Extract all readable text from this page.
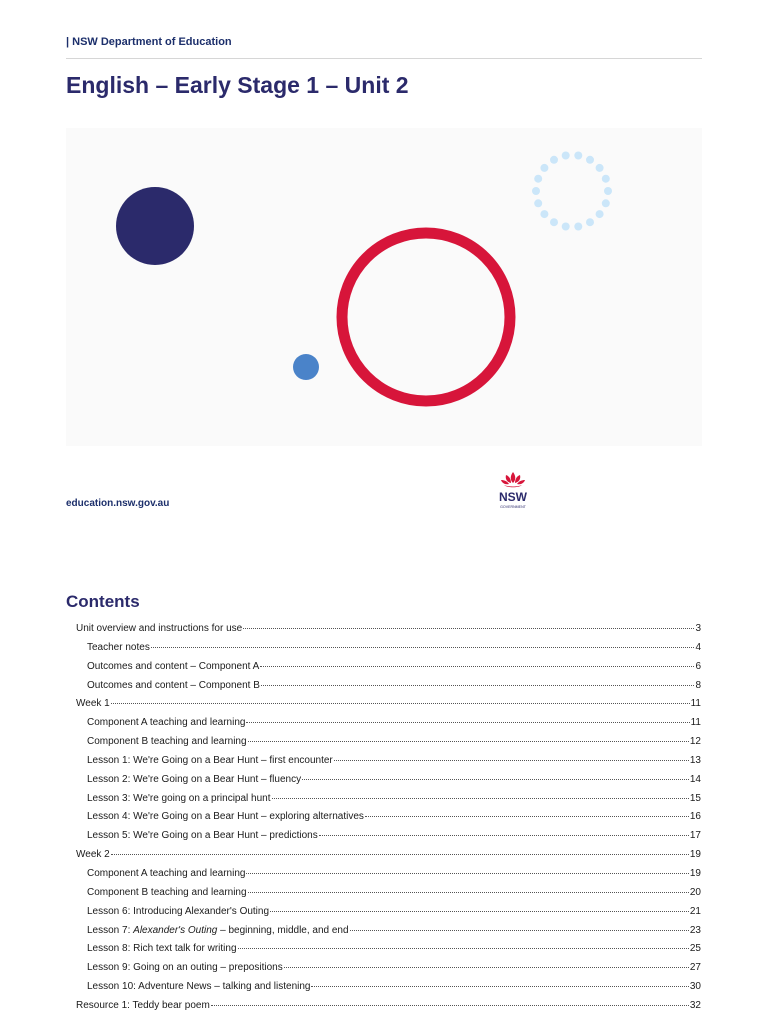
| NSW Department of Education
English – Early Stage 1 – Unit 2
education.nsw.gov.au	NSW
GOVERNMENT
Contents
Unit overview and instructions for use	3
Teacher notes	4
Outcomes and content – Component A	6
Outcomes and content – Component B	8
Week 1	11
Component A teaching and learning	11
Component B teaching and learning	12
Lesson 1: We're Going on a Bear Hunt – first encounter	13
Lesson 2: We're Going on a Bear Hunt – fluency	14
Lesson 3: We're going on a principal hunt	15
Lesson 4: We're Going on a Bear Hunt – exploring alternatives	16
Lesson 5: We're Going on a Bear Hunt – predictions	17
Week 2	19
Component A teaching and learning	19
Component B teaching and learning	20
Lesson 6: Introducing Alexander's Outing	21
Lesson 7: Alexander's Outing – beginning, middle, and end	23
Lesson 8: Rich text talk for writing	25
Lesson 9: Going on an outing – prepositions	27
Lesson 10: Adventure News – talking and listening	30
Resource 1: Teddy bear poem	32
